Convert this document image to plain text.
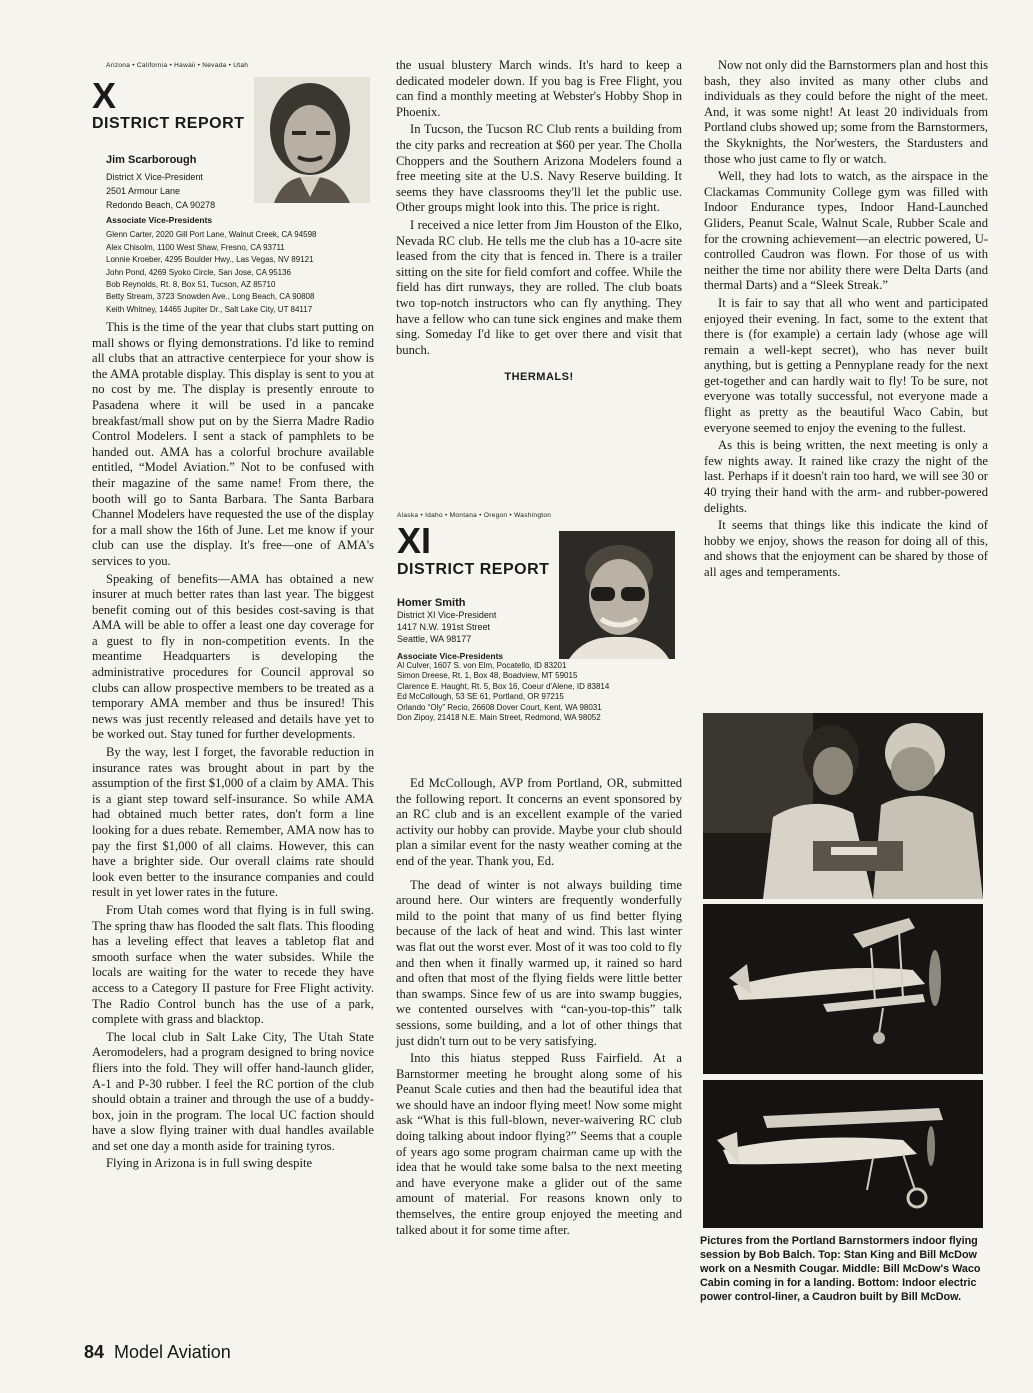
Arizona • California • Hawaii • Nevada • Utah

X
DISTRICT REPORT

Jim Scarborough

District X Vice-President

2501 Armour Lane

Redondo Beach, CA 90278

Associate Vice-Presidents

Glenn Carter, 2020 Gill Port Lane, Walnut Creek, CA 94598

Alex Chisolm, 1100 West Shaw, Fresno, CA 93711

Lonnie Kroeber, 4295 Boulder Hwy., Las Vegas, NV 89121

John Pond, 4269 Syoko Circle, San Jose, CA 95136

Bob Reynolds, Rt. 8, Box 51, Tucson, AZ 85710

Betty Stream, 3723 Snowden Ave., Long Beach, CA 90808

Keith Whitney, 14465 Jupiter Dr., Salt Lake City, UT 84117

This is the time of the year that clubs start putting on mall shows or flying demonstrations. I'd like to remind all clubs that an attractive centerpiece for your show is the AMA protable display. This display is sent to you at no cost by me. The display is presently enroute to Pasadena where it will be used in a pancake breakfast/mall show put on by the Sierra Madre Radio Control Modelers. I sent a stack of pamphlets to be handed out. AMA has a colorful brochure available entitled, “Model Aviation.” Not to be confused with their magazine of the same name! From there, the booth will go to Santa Barbara. The Santa Barbara Channel Modelers have requested the use of the display for a mall show the 16th of June. Let me know if your club can use the display. It's free—one of AMA's services to you.

Speaking of benefits—AMA has obtained a new insurer at much better rates than last year. The biggest benefit coming out of this besides cost-saving is that AMA will be able to offer a least one day coverage for a guest to fly in non-competition events. In the meantime Headquarters is developing the administrative procedures for Council approval so clubs can allow prospective members to be treated as a temporary AMA member and thus be insured! This news was just recently released and details have yet to be worked out. Stay tuned for further developments.

By the way, lest I forget, the favorable reduction in insurance rates was brought about in part by the assumption of the first $1,000 of a claim by AMA. This is a giant step toward self-insurance. So while AMA had obtained much better rates, don't form a line looking for a dues rebate. Remember, AMA now has to pay the first $1,000 of all claims. However, this can have a brighter side. Our overall claims rate should look even better to the insurance companies and could result in yet lower rates in the future.

From Utah comes word that flying is in full swing. The spring thaw has flooded the salt flats. This flooding has a leveling effect that leaves a tabletop flat and smooth surface when the water subsides. While the locals are waiting for the water to recede they have access to a Category II pasture for Free Flight activity. The Radio Control bunch has the use of a park, complete with grass and blacktop.

The local club in Salt Lake City, The Utah State Aeromodelers, had a program designed to bring novice fliers into the fold. They will offer hand-launch glider, A-1 and P-30 rubber. I feel the RC portion of the club should obtain a trainer and through the use of a buddy-box, join in the program. The local UC faction should have a slow flying trainer with dual handles available and set one day a month aside for training tyros.

Flying in Arizona is in full swing despite

the usual blustery March winds. It's hard to keep a dedicated modeler down. If you bag is Free Flight, you can find a monthly meeting at Webster's Hobby Shop in Phoenix.

In Tucson, the Tucson RC Club rents a building from the city parks and recreation at $60 per year. The Cholla Choppers and the Southern Arizona Modelers found a free meeting site at the U.S. Navy Reserve building. It seems they have classrooms they'll let the public use. Other groups might look into this. The price is right.

I received a nice letter from Jim Houston of the Elko, Nevada RC club. He tells me the club has a 10-acre site leased from the city that is fenced in. There is a trailer sitting on the site for field comfort and coffee. While the field has dirt runways, they are rolled. The club boats two top-notch instructors who can fly anything. They have a fellow who can tune sick engines and make them sing. Someday I'd like to get over there and visit that bunch.

THERMALS!

Alaska • Idaho • Montana • Oregon • Washington

XI
DISTRICT REPORT

Homer Smith

District XI Vice-President

1417 N.W. 191st Street

Seattle, WA 98177

Associate Vice-Presidents

Al Culver, 1607 S. von Elm, Pocatello, ID 83201

Simon Dreese, Rt. 1, Box 48, Boadview, MT 59015

Clarence E. Haught, Rt. 5, Box 16, Coeur d'Alene, ID 83814

Ed McCollough, 53 SE 61, Portland, OR 97215

Orlando “Oly” Recio, 26608 Dover Court, Kent, WA 98031

Don Zipoy, 21418 N.E. Main Street, Redmond, WA 98052

Ed McCollough, AVP from Portland, OR, submitted the following report. It concerns an event sponsored by an RC club and is an excellent example of the varied activity our hobby can provide. Maybe your club should plan a similar event for the nasty weather coming at the end of the year. Thank you, Ed.

The dead of winter is not always building time around here. Our winters are frequently wonderfully mild to the point that many of us find better flying because of the lack of heat and wind. This last winter was flat out the worst ever. Most of it was too cold to fly and then when it finally warmed up, it rained so hard and often that most of the flying fields were little better than swamps. Since few of us are into swamp buggies, we contented ourselves with “can-you-top-this” talk sessions, some building, and a lot of other things that just didn't turn out to be very satisfying.

Into this hiatus stepped Russ Fairfield. At a Barnstormer meeting he brought along some of his Peanut Scale cuties and then had the beautiful idea that we should have an indoor flying meet! Now some might ask “What is this full-blown, never-waivering RC club doing talking about indoor flying?” Seems that a couple of years ago some program chairman came up with the idea that he would take some balsa to the next meeting and have everyone make a glider out of the same amount of material. For reasons known only to themselves, the entire group enjoyed the meeting and talked about it for some time after.

Now not only did the Barnstormers plan and host this bash, they also invited as many other clubs and individuals as they could before the night of the meet. And, it was some night! At least 20 individuals from Portland clubs showed up; some from the Barnstormers, the Skyknights, the Nor'westers, the Stardusters and those who just came to fly or watch.

Well, they had lots to watch, as the airspace in the Clackamas Community College gym was filled with Indoor Endurance types, Indoor Hand-Launched Gliders, Peanut Scale, Walnut Scale, Rubber Scale and for the crowning achievement—an electric powered, U-controlled Caudron was flown. For those of us with neither the time nor ability there were Delta Darts (and thermal Darts) and a “Sleek Streak.”

It is fair to say that all who went and participated enjoyed their evening. In fact, some to the extent that there is (for example) a certain lady (whose age will remain a well-kept secret), who has never built anything, but is getting a Pennyplane ready for the next get-together and can hardly wait to fly! To be sure, not everyone was totally successful, not everyone made a flight as pretty as the beautiful Waco Cabin, but everyone seemed to enjoy the evening to the fullest.

As this is being written, the next meeting is only a few nights away. It rained like crazy the night of the last. Perhaps if it doesn't rain too hard, we will see 30 or 40 trying their hand with the arm- and rubber-powered delights.

It seems that things like this indicate the kind of hobby we enjoy, shows the reason for doing all of this, and shows that the enjoyment can be shared by those of all ages and temperaments.

Pictures from the Portland Barnstormers indoor flying session by Bob Balch. Top: Stan King and Bill McDow work on a Nesmith Cougar. Middle: Bill McDow's Waco Cabin coming in for a landing. Bottom: Indoor electric power control-liner, a Caudron built by Bill McDow.
84 Model Aviation
